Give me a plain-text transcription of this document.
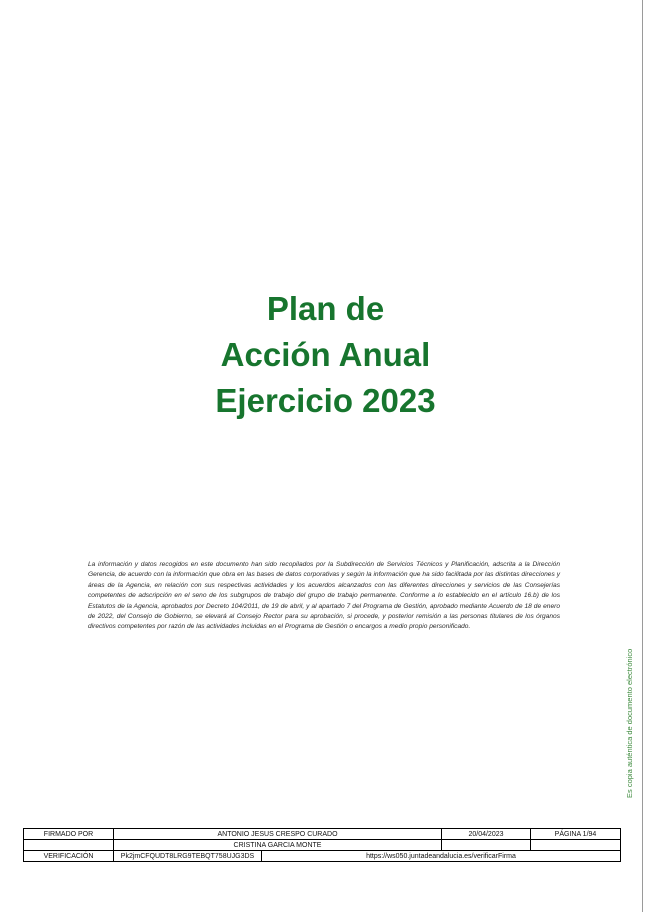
Plan de
Acción Anual
Ejercicio 2023
La información y datos recogidos en este documento han sido recopilados por la Subdirección de Servicios Técnicos y Planificación, adscrita a la Dirección Gerencia, de acuerdo con la información que obra en las bases de datos corporativas y según la información que ha sido facilitada por las distintas direcciones y áreas de la Agencia, en relación con sus respectivas actividades y los acuerdos alcanzados con las diferentes direcciones y servicios de las Consejerías competentes de adscripción en el seno de los subgrupos de trabajo del grupo de trabajo permanente. Conforme a lo establecido en el artículo 16.b) de los Estatutos de la Agencia, aprobados por Decreto 104/2011, de 19 de abril, y al apartado 7 del Programa de Gestión, aprobado mediante Acuerdo de 18 de enero de 2022, del Consejo de Gobierno, se elevará al Consejo Rector para su aprobación, si procede, y posterior remisión a las personas titulares de los órganos directivos competentes por razón de las actividades incluidas en el Programa de Gestión o encargos a medio propio personificado.
Es copia auténtica de documento electrónico
FIRMADO POR	ANTONIO JESUS CRESPO CURADO		20/04/2023	PÁGINA 1/94
	CRISTINA GARCIA MONTE			
VERIFICACIÓN	Pk2jmCFQUDT8LRG9TEBQT758UJG3DS	https://ws050.juntadeandalucia.es/verificarFirma		
